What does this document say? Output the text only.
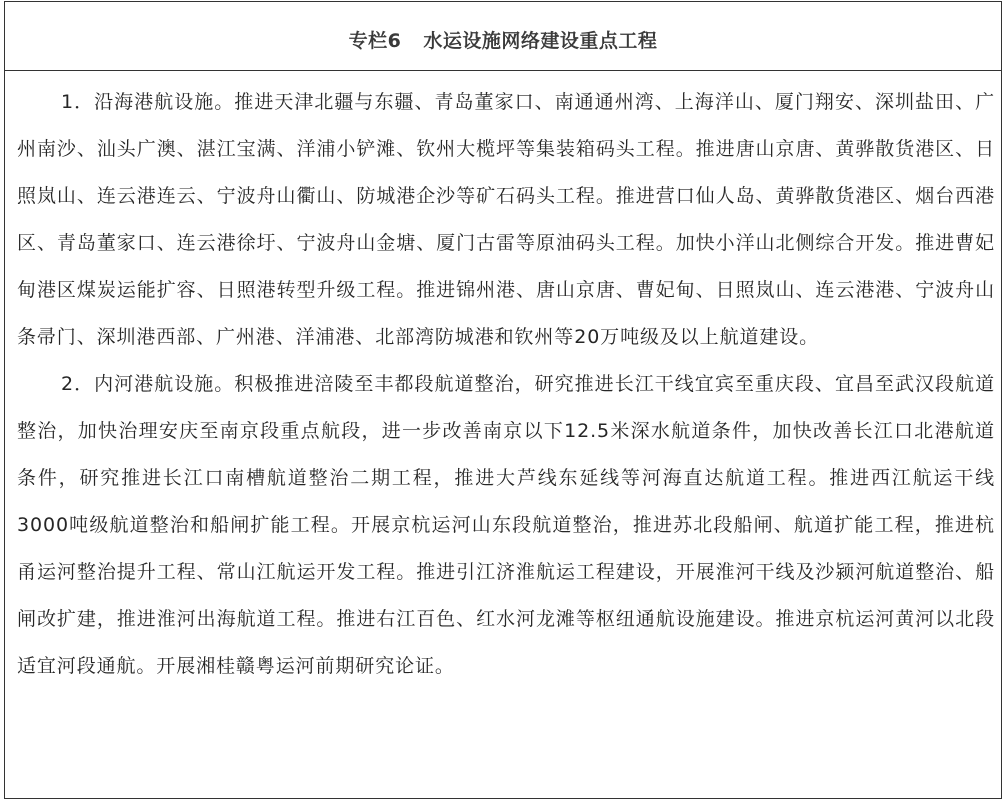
专栏6 水运设施网络建设重点工程

1．沿海港航设施。推进天津北疆与东疆、青岛董家口、南通通州湾、上海洋山、厦门翔安、深圳盐田、广州南沙、汕头广澳、湛江宝满、洋浦小铲滩、钦州大榄坪等集装箱码头工程。推进唐山京唐、黄骅散货港区、日照岚山、连云港连云、宁波舟山衢山、防城港企沙等矿石码头工程。推进营口仙人岛、黄骅散货港区、烟台西港区、青岛董家口、连云港徐圩、宁波舟山金塘、厦门古雷等原油码头工程。加快小洋山北侧综合开发。推进曹妃甸港区煤炭运能扩容、日照港转型升级工程。推进锦州港、唐山京唐、曹妃甸、日照岚山、连云港港、宁波舟山条帚门、深圳港西部、广州港、洋浦港、北部湾防城港和钦州等20万吨级及以上航道建设。

2．内河港航设施。积极推进涪陵至丰都段航道整治，研究推进长江干线宜宾至重庆段、宜昌至武汉段航道整治，加快治理安庆至南京段重点航段，进一步改善南京以下12.5米深水航道条件，加快改善长江口北港航道条件，研究推进长江口南槽航道整治二期工程，推进大芦线东延线等河海直达航道工程。推进西江航运干线3000吨级航道整治和船闸扩能工程。开展京杭运河山东段航道整治，推进苏北段船闸、航道扩能工程，推进杭甬运河整治提升工程、常山江航运开发工程。推进引江济淮航运工程建设，开展淮河干线及沙颍河航道整治、船闸改扩建，推进淮河出海航道工程。推进右江百色、红水河龙滩等枢纽通航设施建设。推进京杭运河黄河以北段适宜河段通航。开展湘桂赣粤运河前期研究论证。
